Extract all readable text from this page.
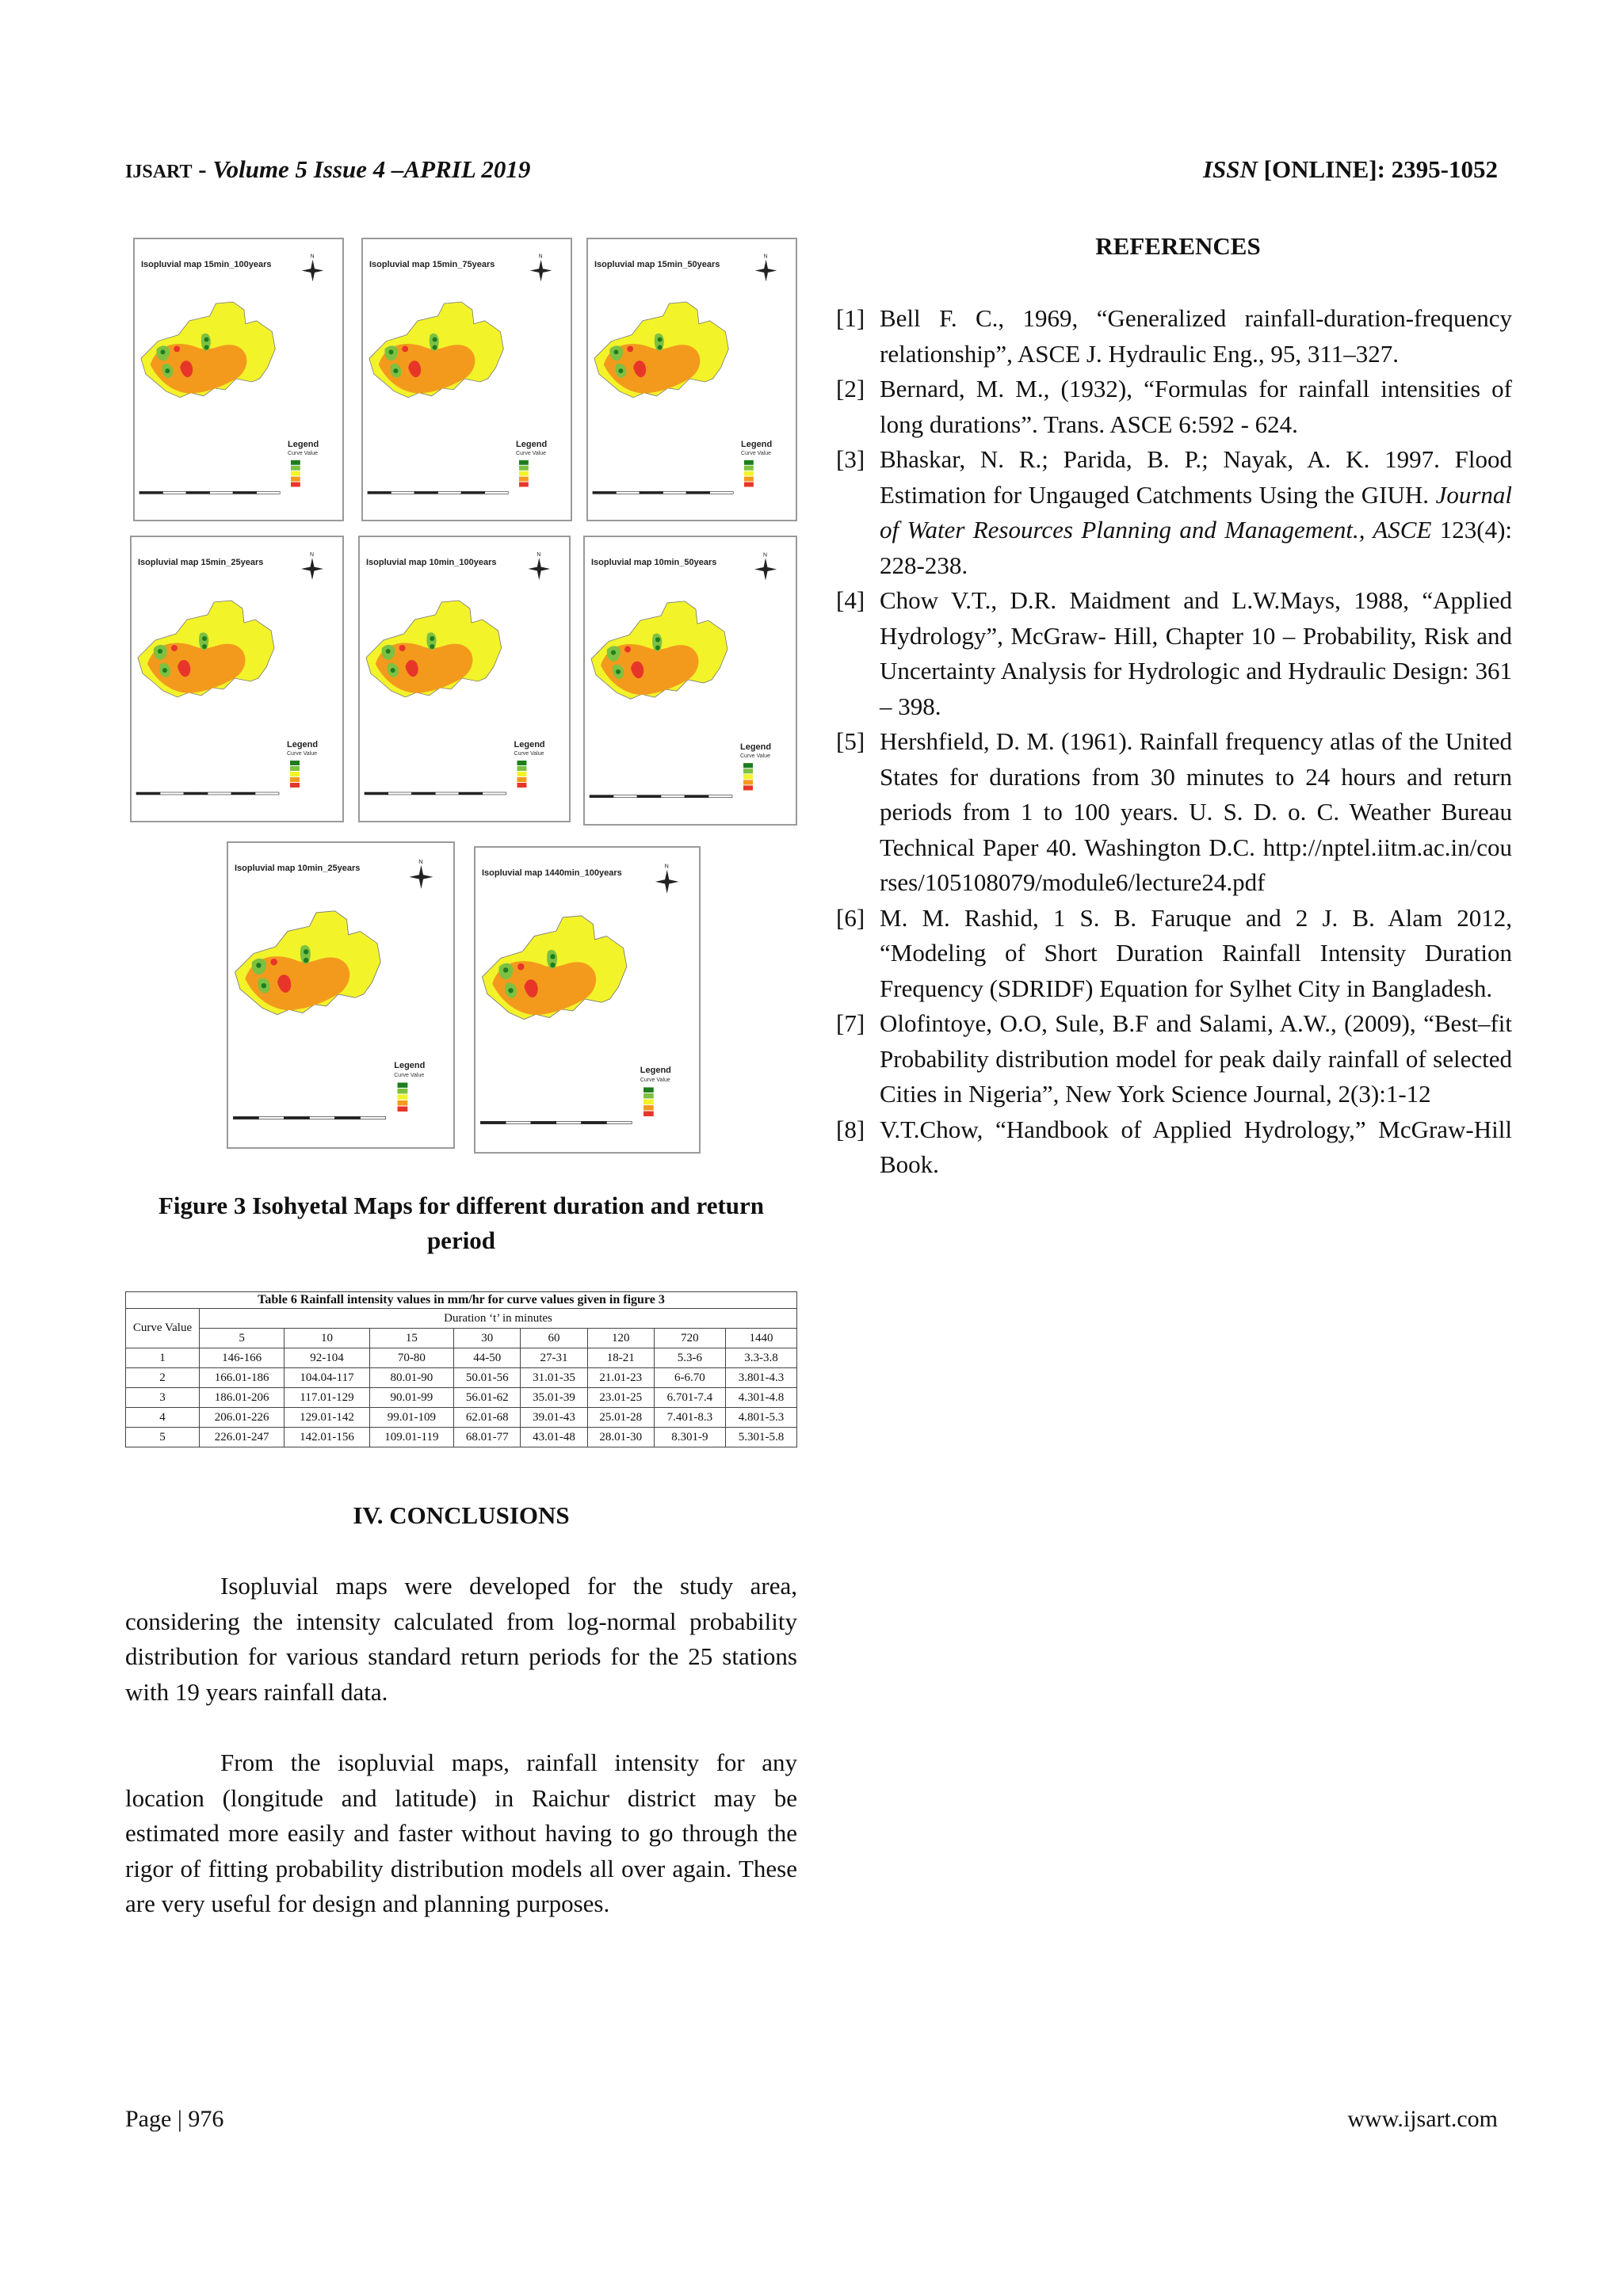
IJSART - Volume 5 Issue 4 –APRIL 2019	ISSN [ONLINE]: 2395-1052
Isopluvial map 15min_100years
N
Legend
Curve Value
Isopluvial map 15min_75years
N
Legend
Curve Value
Isopluvial map 15min_50years
N
Legend
Curve Value
Isopluvial map 15min_25years
N
Legend
Curve Value
Isopluvial map 10min_100years
N
Legend
Curve Value
Isopluvial map 10min_50years
N
Legend
Curve Value
Isopluvial map 10min_25years
N
Legend
Curve Value
Isopluvial map 1440min_100years
N
Legend
Curve Value
Figure 3 Isohyetal Maps for different duration and return period
Table 6 Rainfall intensity values in mm/hr for curve values given in figure 3								
Curve Value	Duration ‘t’ in minutes							
	5	10	15	30	60	120	720	1440
1	146-166	92-104	70-80	44-50	27-31	18-21	5.3-6	3.3-3.8
2	166.01-186	104.04-117	80.01-90	50.01-56	31.01-35	21.01-23	6-6.70	3.801-4.3
3	186.01-206	117.01-129	90.01-99	56.01-62	35.01-39	23.01-25	6.701-7.4	4.301-4.8
4	206.01-226	129.01-142	99.01-109	62.01-68	39.01-43	25.01-28	7.401-8.3	4.801-5.3
5	226.01-247	142.01-156	109.01-119	68.01-77	43.01-48	28.01-30	8.301-9	5.301-5.8
IV. CONCLUSIONS
Isopluvial maps were developed for the study area, considering the intensity calculated from log-normal probability distribution for various standard return periods for the 25 stations with 19 years rainfall data.
From the isopluvial maps, rainfall intensity for any location (longitude and latitude) in Raichur district may be estimated more easily and faster without having to go through the rigor of fitting probability distribution models all over again. These are very useful for design and planning purposes.
REFERENCES
[1] Bell F. C., 1969, “Generalized rainfall-duration-frequency relationship”, ASCE J. Hydraulic Eng., 95, 311–327.
[2] Bernard, M. M., (1932), “Formulas for rainfall intensities of long durations”. Trans. ASCE 6:592 - 624.
[3] Bhaskar, N. R.; Parida, B. P.; Nayak, A. K. 1997. Flood Estimation for Ungauged Catchments Using the GIUH. Journal of Water Resources Planning and Management., ASCE 123(4): 228-238.
[4] Chow V.T., D.R. Maidment and L.W.Mays, 1988, “Applied Hydrology”, McGraw- Hill, Chapter 10 – Probability, Risk and Uncertainty Analysis for Hydrologic and Hydraulic Design: 361 – 398.
[5] Hershfield, D. M. (1961). Rainfall frequency atlas of the United States for durations from 30 minutes to 24 hours and return periods from 1 to 100 years. U. S. D. o. C. Weather Bureau Technical Paper 40. Washington D.C. http://nptel.iitm.ac.in/courses/105108079/module6/lecture24.pdf
[6] M. M. Rashid, 1 S. B. Faruque and 2 J. B. Alam 2012, “Modeling of Short Duration Rainfall Intensity Duration Frequency (SDRIDF) Equation for Sylhet City in Bangladesh.
[7] Olofintoye, O.O, Sule, B.F and Salami, A.W., (2009), “Best–fit Probability distribution model for peak daily rainfall of selected Cities in Nigeria”, New York Science Journal, 2(3):1-12
[8] V.T.Chow, “Handbook of Applied Hydrology,” McGraw-Hill Book.
Page | 976	www.ijsart.com
